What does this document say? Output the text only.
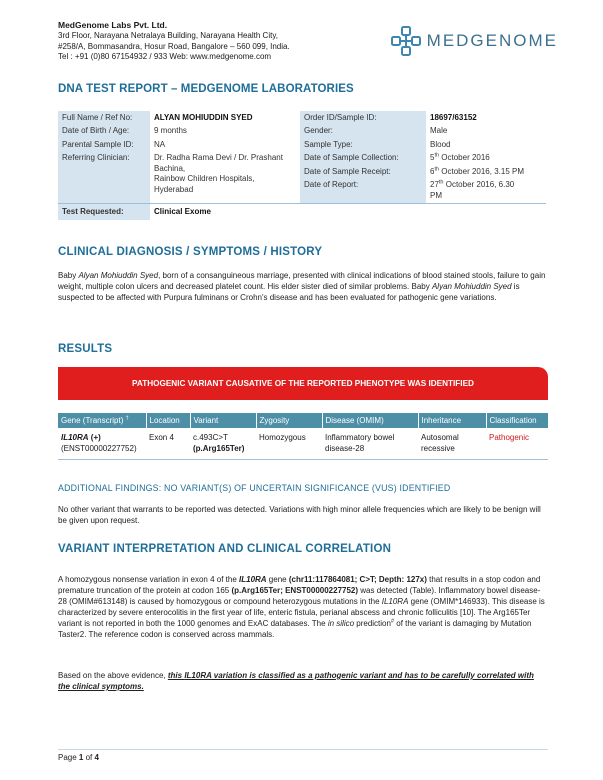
MedGenome Labs Pvt. Ltd.
3rd Floor, Narayana Netralaya Building, Narayana Health City,
#258/A, Bommasandra, Hosur Road, Bangalore – 560 099, India.
Tel : +91 (0)80 67154932 / 933 Web: www.medgenome.com
MEDGENOME
DNA TEST REPORT – MEDGENOME LABORATORIES
Full Name / Ref No:	ALYAN MOHIUDDIN SYED	Order ID/Sample ID:	18697/63152
Date of Birth / Age:	9 months	Gender:	Male
Parental Sample ID:	NA	Sample Type:	Blood
Referring Clinician:	Dr. Radha Rama Devi / Dr. Prashant
Bachina,
Rainbow Children Hospitals,
Hyderabad	Date of Sample Collection:	5th October 2016
		Date of Sample Receipt:	6th October 2016, 3.15 PM
		Date of Report:	27th October 2016, 6.30
PM
Test Requested:	Clinical Exome		
CLINICAL DIAGNOSIS / SYMPTOMS / HISTORY
Baby Alyan Mohiuddin Syed, born of a consanguineous marriage, presented with clinical indications of blood stained stools, failure to gain weight, multiple colon ulcers and decreased platelet count. His elder sister died of similar problems. Baby Alyan Mohiuddin Syed is suspected to be affected with Purpura fulminans or Crohn's disease and has been evaluated for pathogenic gene variations.
RESULTS
PATHOGENIC VARIANT CAUSATIVE OF THE REPORTED PHENOTYPE WAS IDENTIFIED
Gene (Transcript) †	Location	Variant	Zygosity	Disease (OMIM)	Inheritance	Classification
IL10RA (+)
(ENST00000227752)	Exon 4	c.493C>T
(p.Arg165Ter)	Homozygous	Inflammatory bowel
disease-28	Autosomal
recessive	Pathogenic
ADDITIONAL FINDINGS: NO VARIANT(S) OF UNCERTAIN SIGNIFICANCE (VUS) IDENTIFIED
No other variant that warrants to be reported was detected. Variations with high minor allele frequencies which are likely to be benign will be given upon request.
VARIANT INTERPRETATION AND CLINICAL CORRELATION
A homozygous nonsense variation in exon 4 of the IL10RA gene (chr11:117864081; C>T; Depth: 127x) that results in a stop codon and premature truncation of the protein at codon 165 (p.Arg165Ter; ENST00000227752) was detected (Table). Inflammatory bowel disease-28 (OMIM#613148) is caused by homozygous or compound heterozygous mutations in the IL10RA gene (OMIM*146933). This disease is characterized by severe enterocolitis in the first year of life, enteric fistula, perianal abscess and chronic folliculitis [10]. The Arg165Ter variant is not reported in both the 1000 genomes and ExAC databases. The in silico prediction# of the variant is damaging by Mutation Taster2. The reference codon is conserved across mammals.
Based on the above evidence, this IL10RA variation is classified as a pathogenic variant and has to be carefully correlated with the clinical symptoms.
Page 1 of 4
